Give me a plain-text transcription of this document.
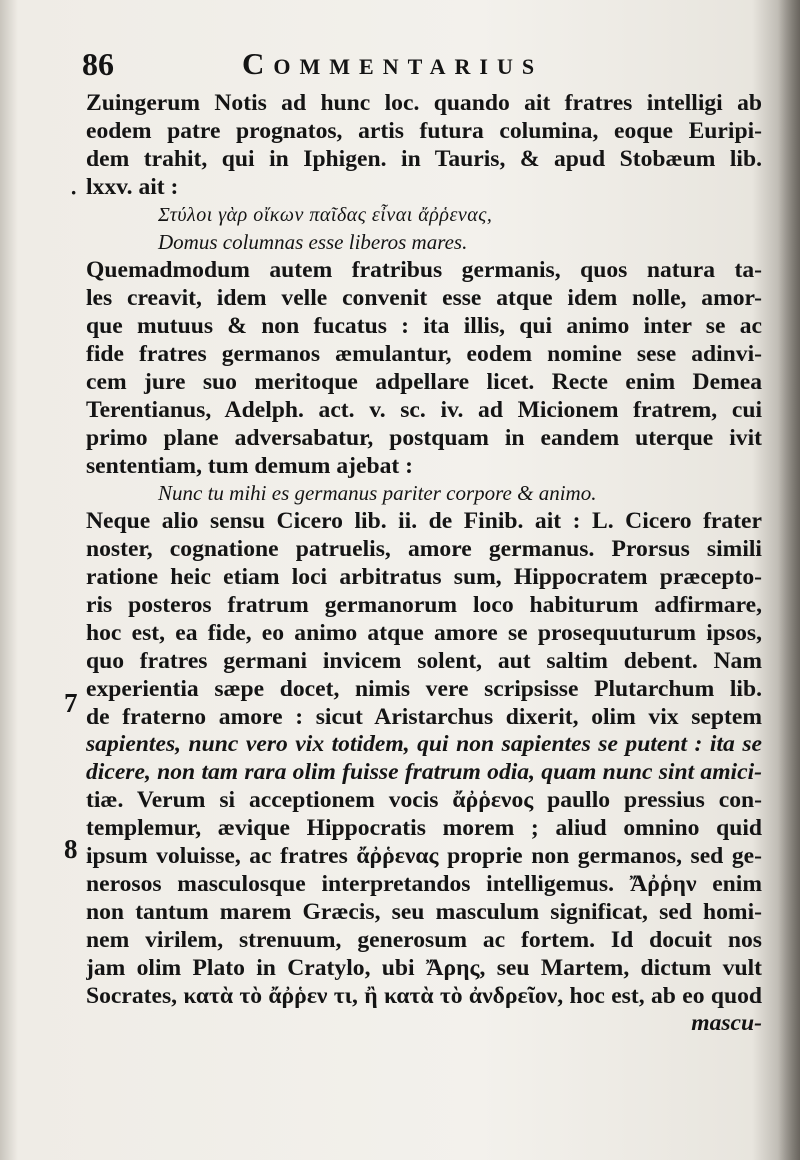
86	Commentarius
·
7
8
Zuingerum Notis ad hunc loc. quando ait fratres intelligi ab
eodem patre prognatos, artis futura columina, eoque Euripi-
dem trahit, qui in Iphigen. in Tauris, & apud Stobæum lib.
lxxv. ait :
Στύλοι γὰρ οἴκων παῖδας εἶναι ἄῤῥενας,
Domus columnas esse liberos mares.
Quemadmodum autem fratribus germanis, quos natura ta-
les creavit, idem velle convenit esse atque idem nolle, amor-
que mutuus & non fucatus : ita illis, qui animo inter se ac
fide fratres germanos æmulantur, eodem nomine sese adinvi-
cem jure suo meritoque adpellare licet. Recte enim Demea
Terentianus, Adelph. act. v. sc. iv. ad Micionem fratrem, cui
primo plane adversabatur, postquam in eandem uterque ivit
sententiam, tum demum ajebat :
Nunc tu mihi es germanus pariter corpore & animo.
Neque alio sensu Cicero lib. ii. de Finib. ait : L. Cicero frater
noster, cognatione patruelis, amore germanus. Prorsus simili
ratione heic etiam loci arbitratus sum, Hippocratem præcepto-
ris posteros fratrum germanorum loco habiturum adfirmare,
hoc est, ea fide, eo animo atque amore se prosequuturum ipsos,
quo fratres germani invicem solent, aut saltim debent. Nam
experientia sæpe docet, nimis vere scripsisse Plutarchum lib.
de fraterno amore : sicut Aristarchus dixerit, olim vix septem
sapientes, nunc vero vix totidem, qui non sapientes se putent : ita se
dicere, non tam rara olim fuisse fratrum odia, quam nunc sint amici-
tiæ. Verum si acceptionem vocis ἄῤῥενος paullo pressius con-
templemur, ævique Hippocratis morem ; aliud omnino quid
ipsum voluisse, ac fratres ἄῤῥενας proprie non germanos, sed ge-
nerosos masculosque interpretandos intelligemus. Ἄῤῥην enim
non tantum marem Græcis, seu masculum significat, sed homi-
nem virilem, strenuum, generosum ac fortem. Id docuit nos
jam olim Plato in Cratylo, ubi Ἄρης, seu Martem, dictum vult
Socrates, κατὰ τὸ ἄῤῥεν τι, ἢ κατὰ τὸ ἀνδρεῖον, hoc est, ab eo quod
mascu-
